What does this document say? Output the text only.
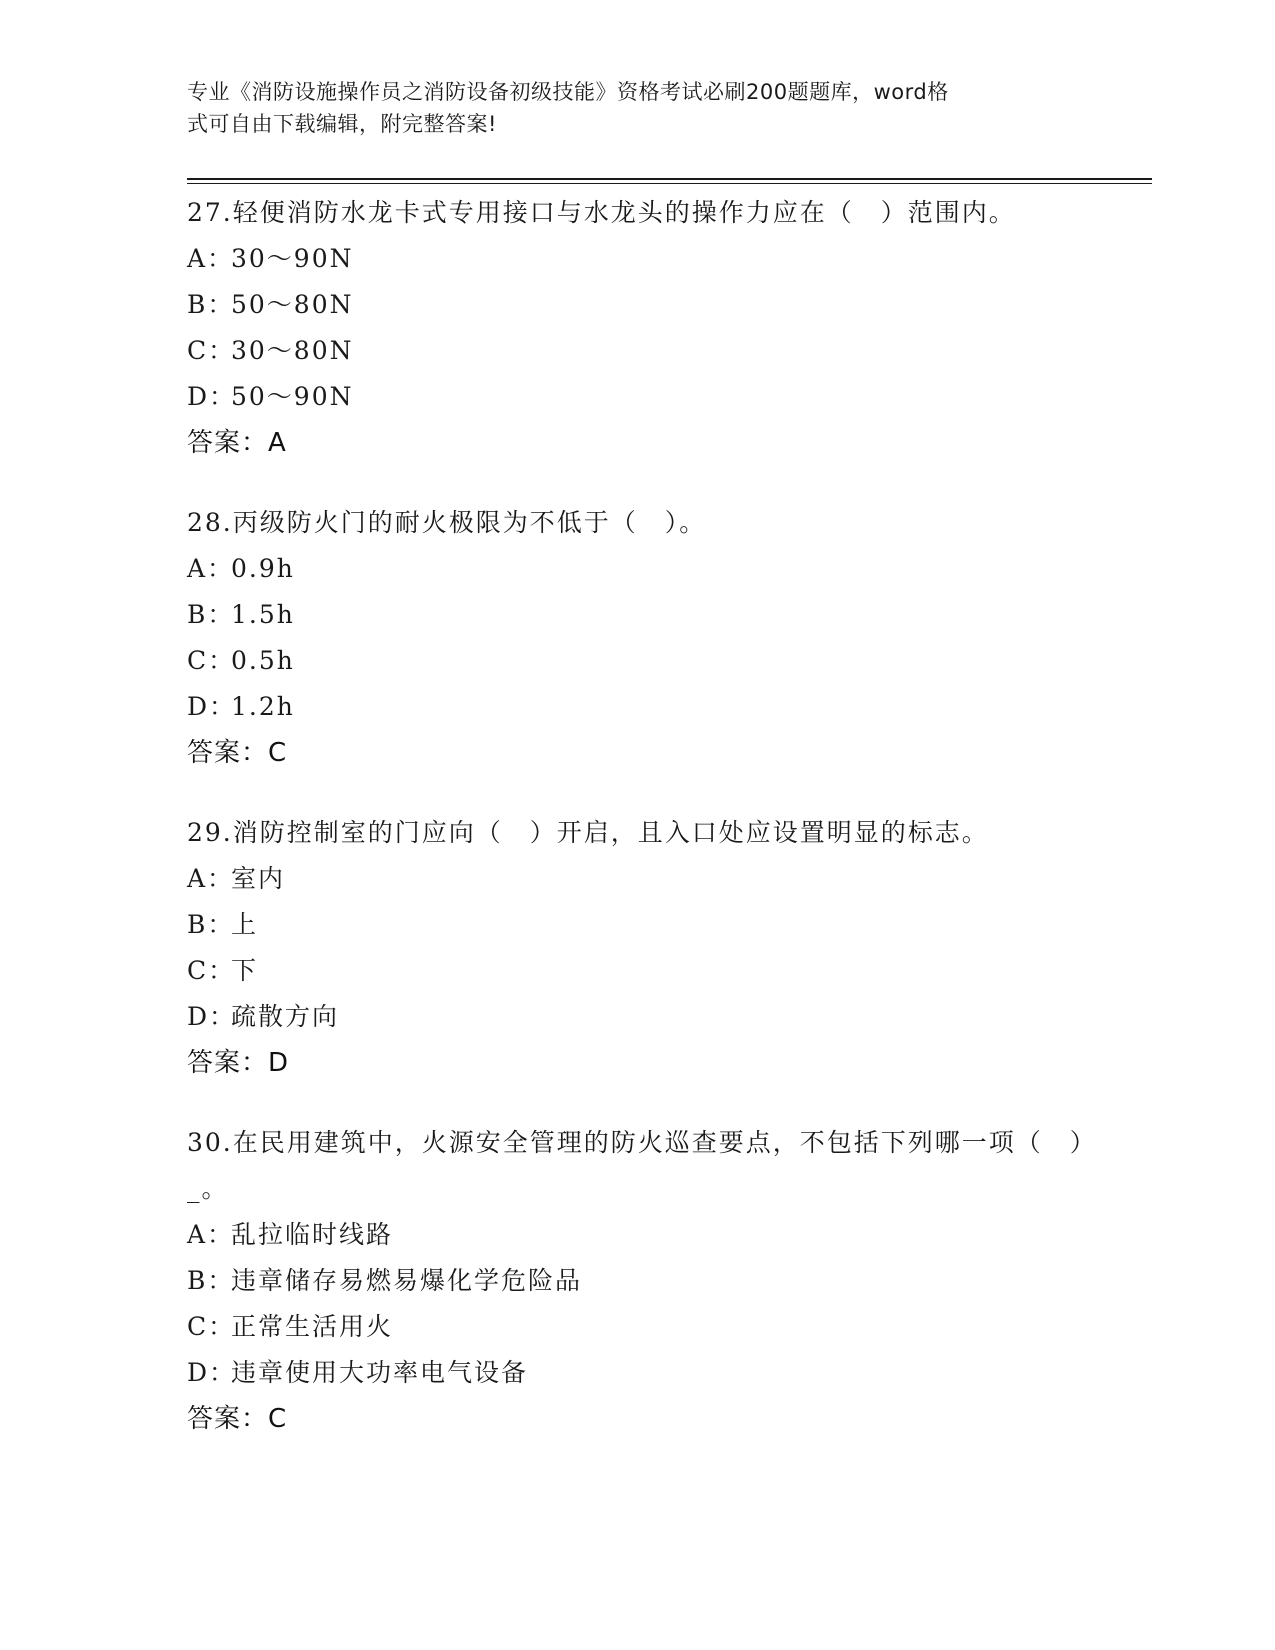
专业《消防设施操作员之消防设备初级技能》资格考试必刷200题题库，word格
式可自由下载编辑，附完整答案!
27.轻便消防水龙卡式专用接口与水龙头的操作力应在（　）范围内。
A：
30～90N
B：
50～80N
C：
30～80N
D：
50～90N
答案：A
28.丙级防火门的耐火极限为不低于（　）。
A：
0.9h
B：
1.5h
C：
0.5h
D：
1.2h
答案：C
29.消防控制室的门应向（　）开启，且入口处应设置明显的标志。
A：
室内
B：
上
C：
下
D：
疏散方向
答案：D
30.在民用建筑中，火源安全管理的防火巡查要点，不包括下列哪一项（　）_。
A：
乱拉临时线路
B：
违章储存易燃易爆化学危险品
C：
正常生活用火
D：
违章使用大功率电气设备
答案：C
